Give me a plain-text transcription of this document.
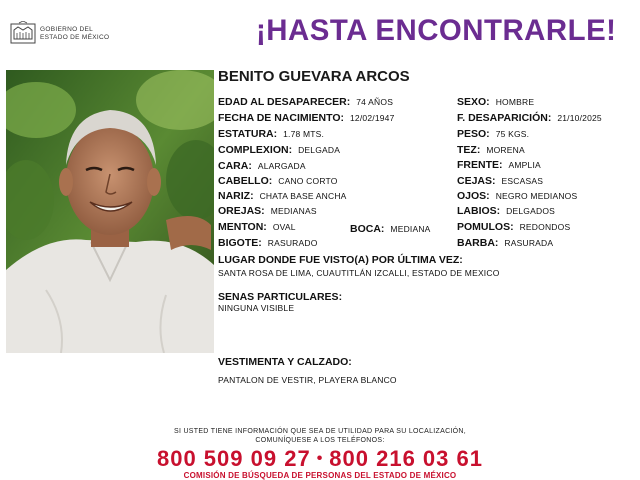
GOBIERNO DEL
ESTADO DE MÉXICO	¡HASTA ENCONTRARLE!
BENITO GUEVARA ARCOS
EDAD AL DESAPARECER: 74 AÑOS
FECHA DE NACIMIENTO: 12/02/1947
ESTATURA: 1.78 MTS.
COMPLEXION: DELGADA
CARA: ALARGADA
CABELLO: CANO CORTO
NARIZ: CHATA BASE ANCHA
OREJAS: MEDIANAS
MENTON: OVAL
BIGOTE: RASURADO
BOCA: MEDIANA
SEXO: HOMBRE
F. DESAPARICIÓN: 21/10/2025
PESO: 75 KGS.
TEZ: MORENA
FRENTE: AMPLIA
CEJAS: ESCASAS
OJOS: NEGRO MEDIANOS
LABIOS: DELGADOS
POMULOS: REDONDOS
BARBA: RASURADA
LUGAR DONDE FUE VISTO(A) POR ÚLTIMA VEZ:
SANTA ROSA DE LIMA, CUAUTITLÁN IZCALLI, ESTADO DE MEXICO
SENAS PARTICULARES:
NINGUNA VISIBLE
VESTIMENTA Y CALZADO:
PANTALON DE VESTIR, PLAYERA BLANCO
SI USTED TIENE INFORMACIÓN QUE SEA DE UTILIDAD PARA SU LOCALIZACIÓN,
COMUNÍQUESE A LOS TELÉFONOS:
800 509 09 27 • 800 216 03 61
COMISIÓN DE BÚSQUEDA DE PERSONAS DEL ESTADO DE MÉXICO
